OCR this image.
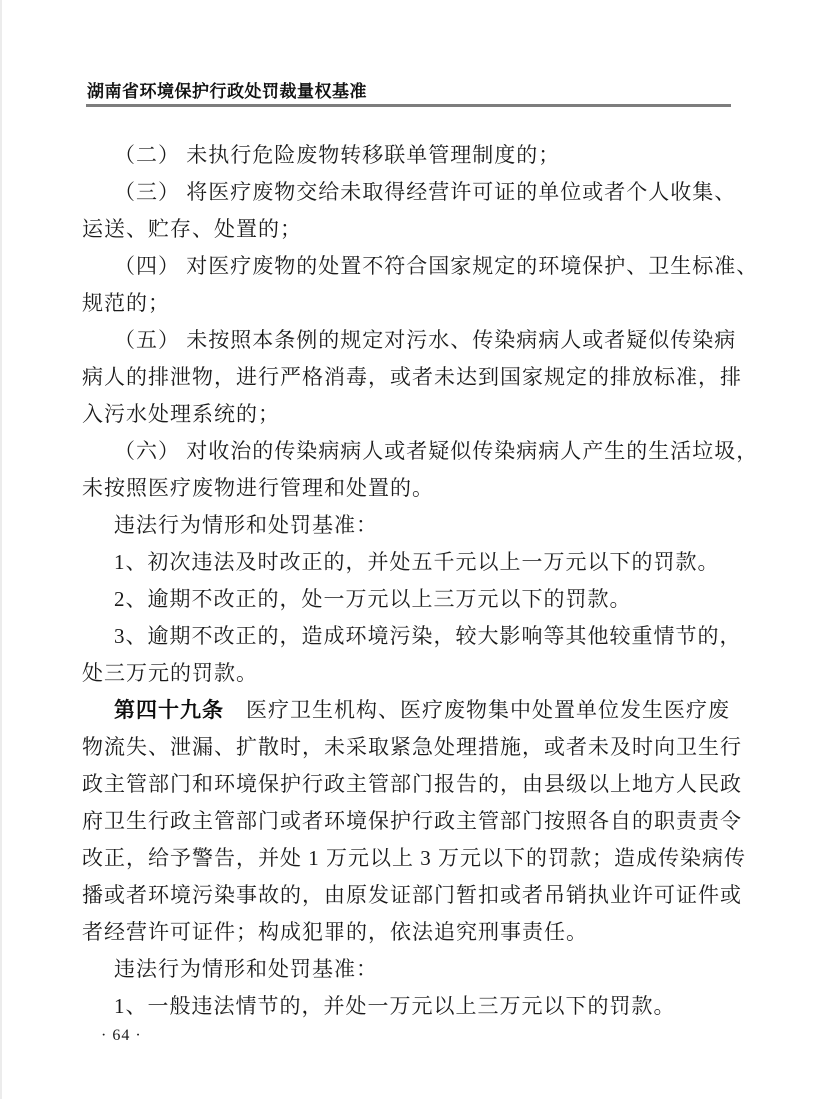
湖南省环境保护行政处罚裁量权基准
（二） 未执行危险废物转移联单管理制度的；
（三） 将医疗废物交给未取得经营许可证的单位或者个人收集、
运送、贮存、处置的；
（四） 对医疗废物的处置不符合国家规定的环境保护、卫生标准、
规范的；
（五） 未按照本条例的规定对污水、传染病病人或者疑似传染病
病人的排泄物，进行严格消毒，或者未达到国家规定的排放标准，排
入污水处理系统的；
（六） 对收治的传染病病人或者疑似传染病病人产生的生活垃圾，
未按照医疗废物进行管理和处置的。
违法行为情形和处罚基准：
1、初次违法及时改正的，并处五千元以上一万元以下的罚款。
2、逾期不改正的，处一万元以上三万元以下的罚款。
3、逾期不改正的，造成环境污染，较大影响等其他较重情节的，
处三万元的罚款。
第四十九条　医疗卫生机构、医疗废物集中处置单位发生医疗废
物流失、泄漏、扩散时，未采取紧急处理措施，或者未及时向卫生行
政主管部门和环境保护行政主管部门报告的，由县级以上地方人民政
府卫生行政主管部门或者环境保护行政主管部门按照各自的职责责令
改正，给予警告，并处 1 万元以上 3 万元以下的罚款；造成传染病传
播或者环境污染事故的，由原发证部门暂扣或者吊销执业许可证件或
者经营许可证件；构成犯罪的，依法追究刑事责任。
违法行为情形和处罚基准：
1、一般违法情节的，并处一万元以上三万元以下的罚款。
· 64 ·
